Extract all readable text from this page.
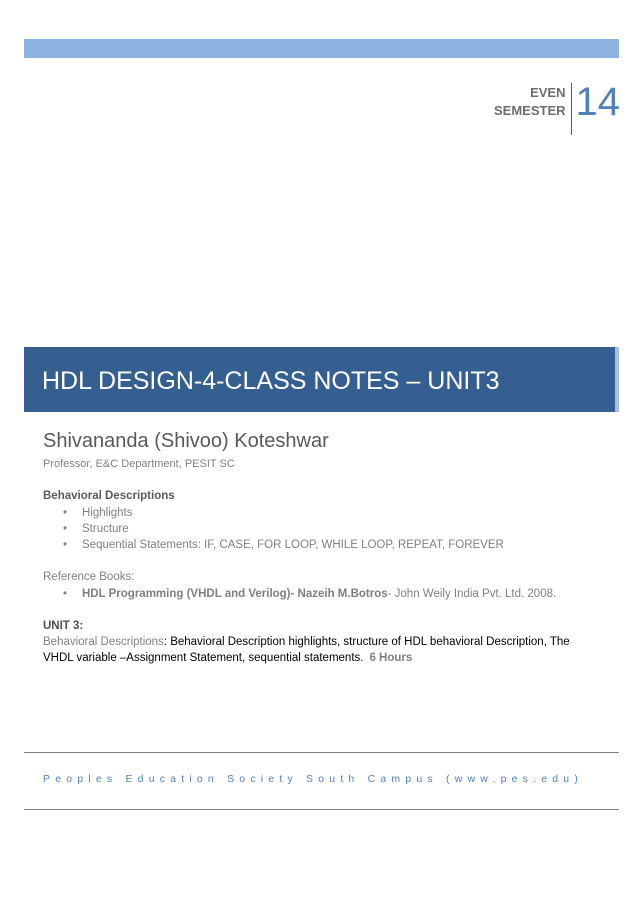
EVEN
SEMESTER 14
HDL DESIGN-4-CLASS NOTES – UNIT3
Shivananda (Shivoo) Koteshwar
Professor, E&C Department, PESIT SC
Behavioral Descriptions
• Highlights
• Structure
• Sequential Statements: IF, CASE, FOR LOOP, WHILE LOOP, REPEAT, FOREVER
Reference Books:
• HDL Programming (VHDL and Verilog)- Nazeih M.Botros- John Weily India Pvt. Ltd. 2008.
UNIT 3:
Behavioral Descriptions: Behavioral Description highlights, structure of HDL behavioral Description, The VHDL variable –Assignment Statement, sequential statements. 6 Hours
Peoples Education Society South Campus (www.pes.edu)
